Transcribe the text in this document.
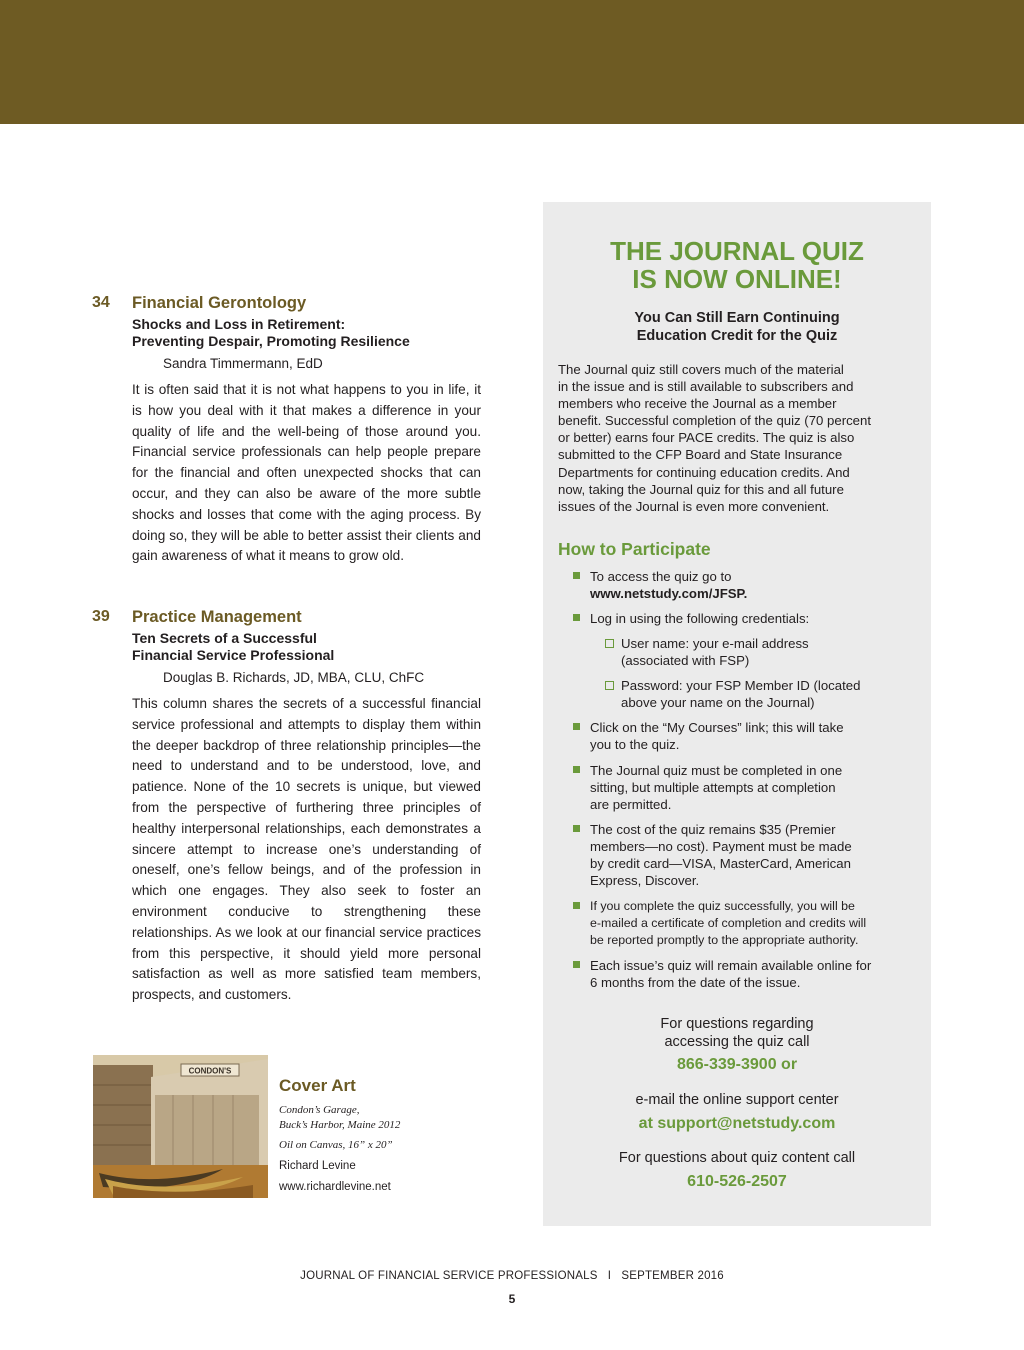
34 Financial Gerontology
Shocks and Loss in Retirement:
Preventing Despair, Promoting Resilience
Sandra Timmermann, EdD
It is often said that it is not what happens to you in life, it is how you deal with it that makes a difference in your quality of life and the well-being of those around you. Financial service professionals can help people prepare for the financial and often unexpected shocks that can occur, and they can also be aware of the more subtle shocks and losses that come with the aging process. By doing so, they will be able to better assist their clients and gain awareness of what it means to grow old.
39 Practice Management
Ten Secrets of a Successful
Financial Service Professional
Douglas B. Richards, JD, MBA, CLU, ChFC
This column shares the secrets of a successful financial service professional and attempts to display them within the deeper backdrop of three relationship principles—the need to understand and to be understood, love, and patience. None of the 10 secrets is unique, but viewed from the perspective of furthering three principles of healthy interpersonal relationships, each demonstrates a sincere attempt to increase one’s understanding of oneself, one’s fellow beings, and of the profession in which one engages. They also seek to foster an environment conducive to strengthening these relationships. As we look at our financial service practices from this perspective, it should yield more personal satisfaction as well as more satisfied team members, prospects, and customers.
CONDON'S
Cover Art
Condon’s Garage,
Buck’s Harbor, Maine 2012
Oil on Canvas, 16” x 20”
Richard Levine
www.richardlevine.net
THE JOURNAL QUIZ
IS NOW ONLINE!
You Can Still Earn Continuing
Education Credit for the Quiz
The Journal quiz still covers much of the material
in the issue and is still available to subscribers and
members who receive the Journal as a member
benefit. Successful completion of the quiz (70 percent
or better) earns four PACE credits. The quiz is also
submitted to the CFP Board and State Insurance
Departments for continuing education credits. And
now, taking the Journal quiz for this and all future
issues of the Journal is even more convenient.
How to Participate
To access the quiz go to
www.netstudy.com/JFSP.
Log in using the following credentials:
User name: your e-mail address
(associated with FSP)
Password: your FSP Member ID (located
above your name on the Journal)
Click on the “My Courses” link; this will take
you to the quiz.
The Journal quiz must be completed in one
sitting, but multiple attempts at completion
are permitted.
The cost of the quiz remains $35 (Premier
members—no cost). Payment must be made
by credit card—VISA, MasterCard, American
Express, Discover.
If you complete the quiz successfully, you will be
e-mailed a certificate of completion and credits will
be reported promptly to the appropriate authority.
Each issue’s quiz will remain available online for
6 months from the date of the issue.
For questions regarding
accessing the quiz call
866-339-3900 or
e-mail the online support center
at support@netstudy.com
For questions about quiz content call
610-526-2507
JOURNAL OF FINANCIAL SERVICE PROFESSIONALS   I   SEPTEMBER 2016
5
